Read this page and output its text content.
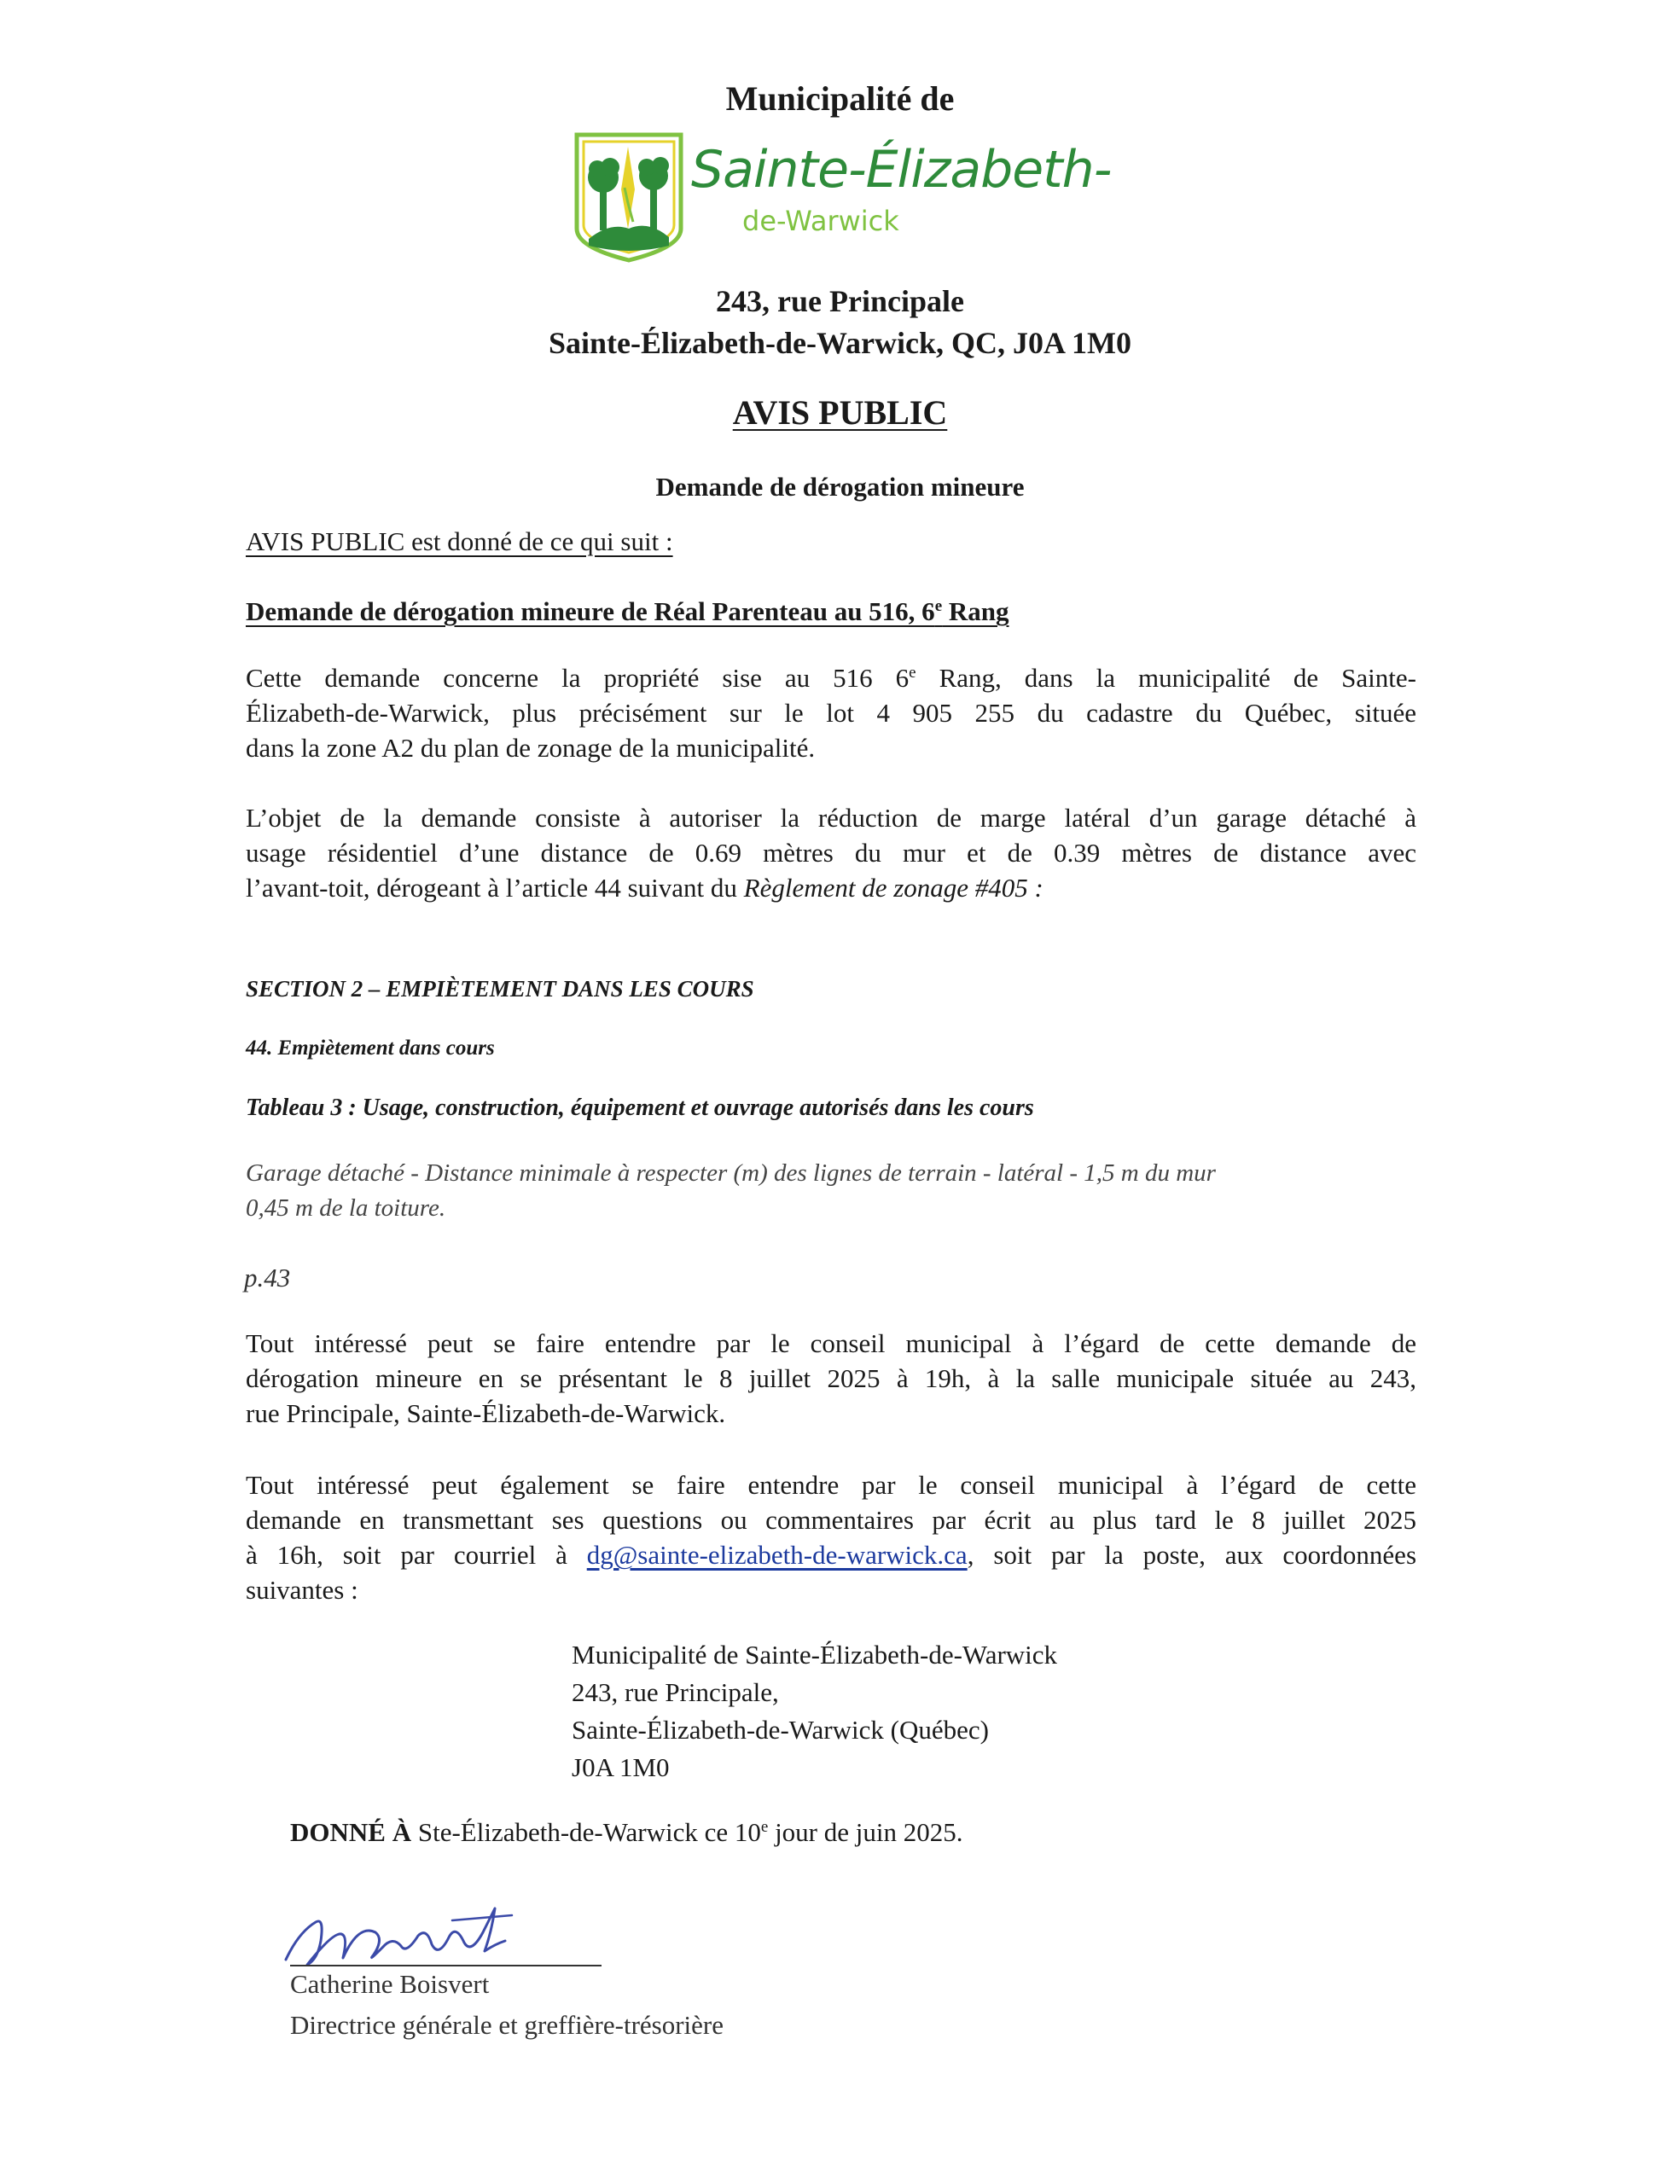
Municipalité de
Sainte-Élizabeth-
de-Warwick
243, rue Principale
Sainte-Élizabeth-de-Warwick, QC, J0A 1M0
AVIS PUBLIC
Demande de dérogation mineure
AVIS PUBLIC est donné de ce qui suit :
Demande de dérogation mineure de Réal Parenteau au 516, 6e Rang
Cette demande concerne la propriété sise au 516 6e Rang, dans la municipalité de Sainte-
Élizabeth-de-Warwick, plus précisément sur le lot 4 905 255 du cadastre du Québec, située
dans la zone A2 du plan de zonage de la municipalité.
L’objet de la demande consiste à autoriser la réduction de marge latéral d’un garage détaché à
usage résidentiel d’une distance de 0.69 mètres du mur et de 0.39 mètres de distance avec
l’avant-toit, dérogeant à l’article 44 suivant du Règlement de zonage #405 :
SECTION 2 – EMPIÈTEMENT DANS LES COURS
44. Empiètement dans cours
Tableau 3 : Usage, construction, équipement et ouvrage autorisés dans les cours
Garage détaché - Distance minimale à respecter (m) des lignes de terrain - latéral - 1,5 m du mur
0,45 m de la toiture.
p.43
Tout intéressé peut se faire entendre par le conseil municipal à l’égard de cette demande de
dérogation mineure en se présentant le 8 juillet 2025 à 19h, à la salle municipale située au 243,
rue Principale, Sainte-Élizabeth-de-Warwick.
Tout intéressé peut également se faire entendre par le conseil municipal à l’égard de cette
demande en transmettant ses questions ou commentaires par écrit au plus tard le 8 juillet 2025
à 16h, soit par courriel à dg@sainte-elizabeth-de-warwick.ca, soit par la poste, aux coordonnées
suivantes :
Municipalité de Sainte-Élizabeth-de-Warwick
243, rue Principale,
Sainte-Élizabeth-de-Warwick (Québec)
J0A 1M0
DONNÉ À Ste-Élizabeth-de-Warwick ce 10e jour de juin 2025.
Catherine Boisvert
Directrice générale et greffière-trésorière
